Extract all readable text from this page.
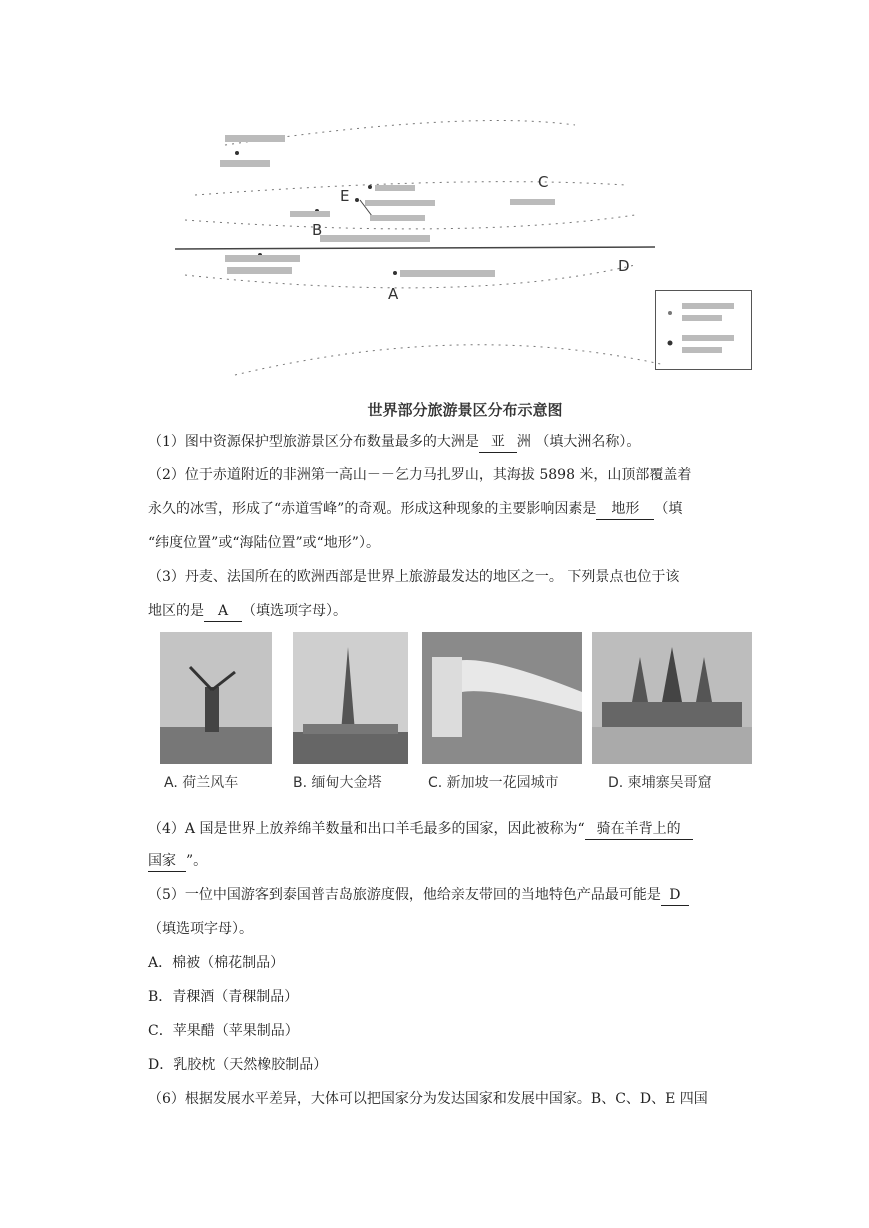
E
B
C
D
A
世界部分旅游景区分布示意图
（1）图中资源保护型旅游景区分布数量最多的大洲是 亚 洲 （填大洲名称）。
（2）位于赤道附近的非洲第一高山－－乞力马扎罗山，其海拔 5898 米，山顶部覆盖着
永久的冰雪，形成了“赤道雪峰”的奇观。形成这种现象的主要影响因素是 地形 （填
“纬度位置”或“海陆位置”或“地形”）。
（3）丹麦、法国所在的欧洲西部是世界上旅游最发达的地区之一。 下列景点也位于该
地区的是 A （填选项字母）。
A. 荷兰风车	B. 缅甸大金塔	C. 新加坡一花园城市	D. 柬埔寨吴哥窟
（4）A 国是世界上放养绵羊数量和出口羊毛最多的国家，因此被称为“ 骑在羊背上的
国家 ”。
（5）一位中国游客到泰国普吉岛旅游度假，他给亲友带回的当地特色产品最可能是 D
（填选项字母）。
A．棉被（棉花制品）
B．青稞酒（青稞制品）
C．苹果醋（苹果制品）
D．乳胶枕（天然橡胶制品）
（6）根据发展水平差异，大体可以把国家分为发达国家和发展中国家。B、C、D、E 四国
